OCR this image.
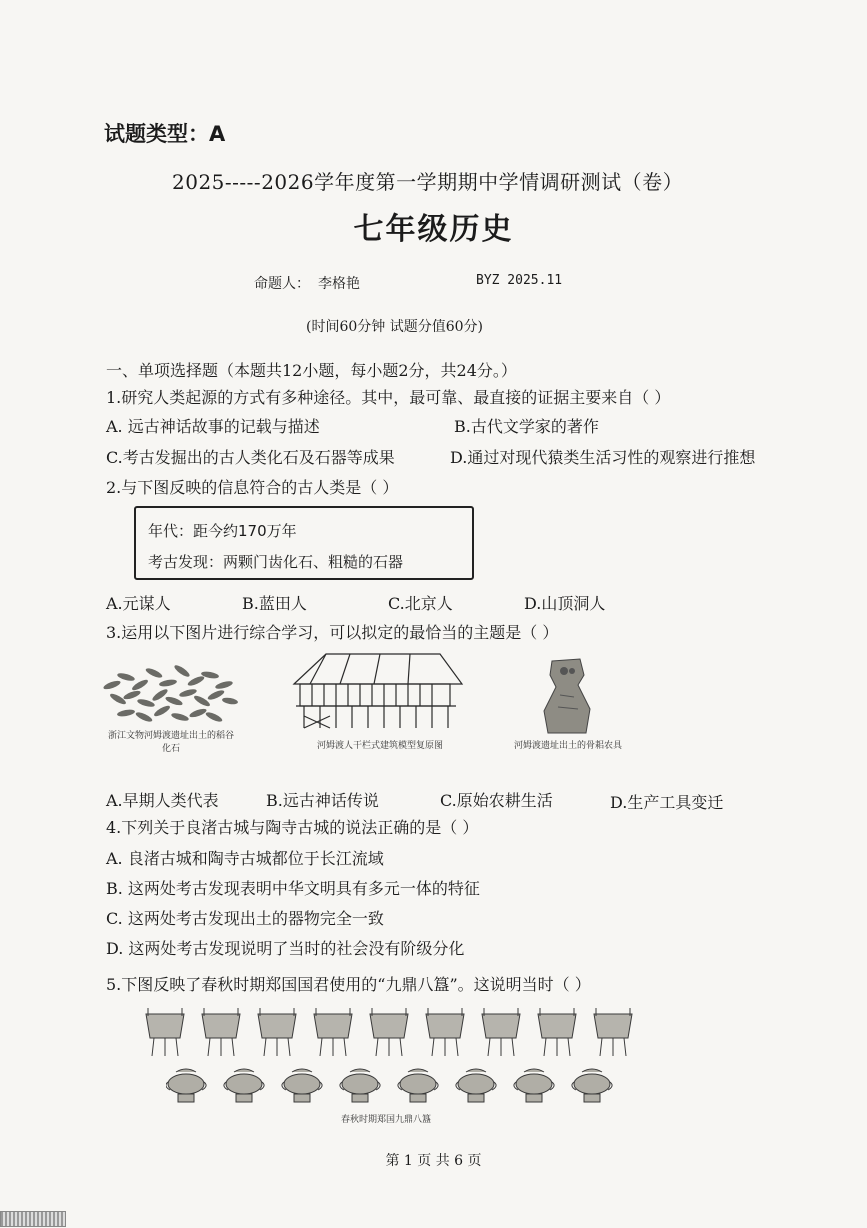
试题类型：A
2025-----2026学年度第一学期期中学情调研测试（卷）
七年级历史
命题人： 李格艳	BYZ 2025.11
(时间60分钟 试题分值60分)
一、单项选择题（本题共12小题，每小题2分，共24分。）
1.研究人类起源的方式有多种途径。其中，最可靠、最直接的证据主要来自（ ）
A. 远古神话故事的记载与描述	B.古代文学家的著作
C.考古发掘出的古人类化石及石器等成果	D.通过对现代猿类生活习性的观察进行推想
2.与下图反映的信息符合的古人类是（ ）
年代：距今约170万年
考古发现：两颗门齿化石、粗糙的石器
A.元谋人	B.蓝田人	C.北京人	D.山顶洞人
3.运用以下图片进行综合学习，可以拟定的最恰当的主题是（ ）
浙江文物河姆渡遗址出土的稻谷化石	河姆渡人干栏式建筑模型复原图	河姆渡遗址出土的骨耜农具
A.早期人类代表	B.远古神话传说	C.原始农耕生活	D.生产工具变迁
4.下列关于良渚古城与陶寺古城的说法正确的是（ ）
A. 良渚古城和陶寺古城都位于长江流域
B. 这两处考古发现表明中华文明具有多元一体的特征
C. 这两处考古发现出土的器物完全一致
D. 这两处考古发现说明了当时的社会没有阶级分化
5.下图反映了春秋时期郑国国君使用的“九鼎八簋”。这说明当时（ ）
春秋时期郑国九鼎八簋
第 1 页 共 6 页
